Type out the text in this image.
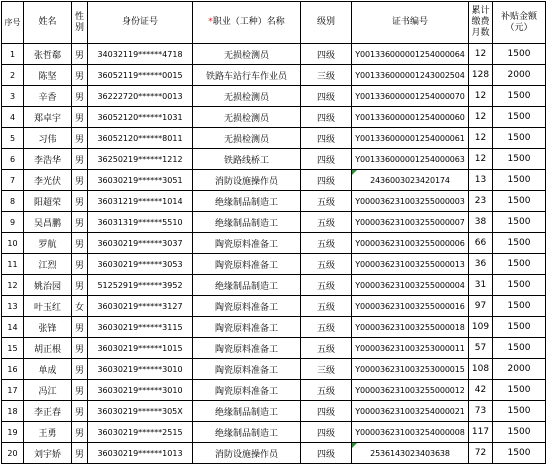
序号	姓名	性别	身份证号	*职业（工种）名称	级别	证书编号	累计缴费月数	补贴金额（元）
1	张哲郗	男	34032119******4718	无损检测员	四级	Y00133600000125400006​4	12	1500
2	陈坚	男	36052119******0015	铁路车站行车作业员	三级	Y001336000001243002504	128	2000
3	辛香	男	36222720******0013	无损检测员	四级	Y001336000001254000070	12	1500
4	郑卓宇	男	36052120******1031	无损检测员	四级	Y001336000001254000060	12	1500
5	习伟	男	36052120******8011	无损检测员	四级	Y001336000001254000061	12	1500
6	李浩华	男	36250219******1212	铁路线桥工	四级	Y001336000001254000063	12	1500
7	李光伏	男	36030219******3051	消防设施操作员	四级	2436003023420174	13	1500
8	阳超荣	男	36031219******1014	绝缘制品制造工	五级	Y000036231003255000003	23	1500
9	吴昌鹏	男	36031319******5510	绝缘制品制造工	五级	Y000036231003255000007	38	1500
10	罗航	男	36030219******3037	陶瓷原料准备工	五级	Y000036231003255000006	66	1500
11	江烈	男	36030219******3053	陶瓷原料准备工	五级	Y000036231003255000013	36	1500
12	姚治园	男	51252919******3952	绝缘制品制造工	五级	Y000036231003255000004	31	1500
13	叶玉红	女	36030219******3127	陶瓷原料准备工	五级	Y000036231003255000016	97	1500
14	张锋	男	36030219******3115	陶瓷原料准备工	五级	Y000036231003255000018	109	1500
15	胡正根	男	36030219******1015	陶瓷原料准备工	五级	Y000036231003253000011	57	1500
16	单成	男	36030219******3010	陶瓷原料准备工	三级	Y000036231003253000015	108	2000
17	冯江	男	36030219******3010	陶瓷原料准备工	五级	Y000036231003255000012	42	1500
18	李正春	男	36030219******305X	绝缘制品制造工	四级	Y000036231003254000021	73	1500
19	王勇	男	36030219******2515	绝缘制品制造工	四级	Y000036231003254000008	117	1500
20	刘宇娇	男	36030219******1013	消防设施操作员	四级	2536143023403638	72	1500
